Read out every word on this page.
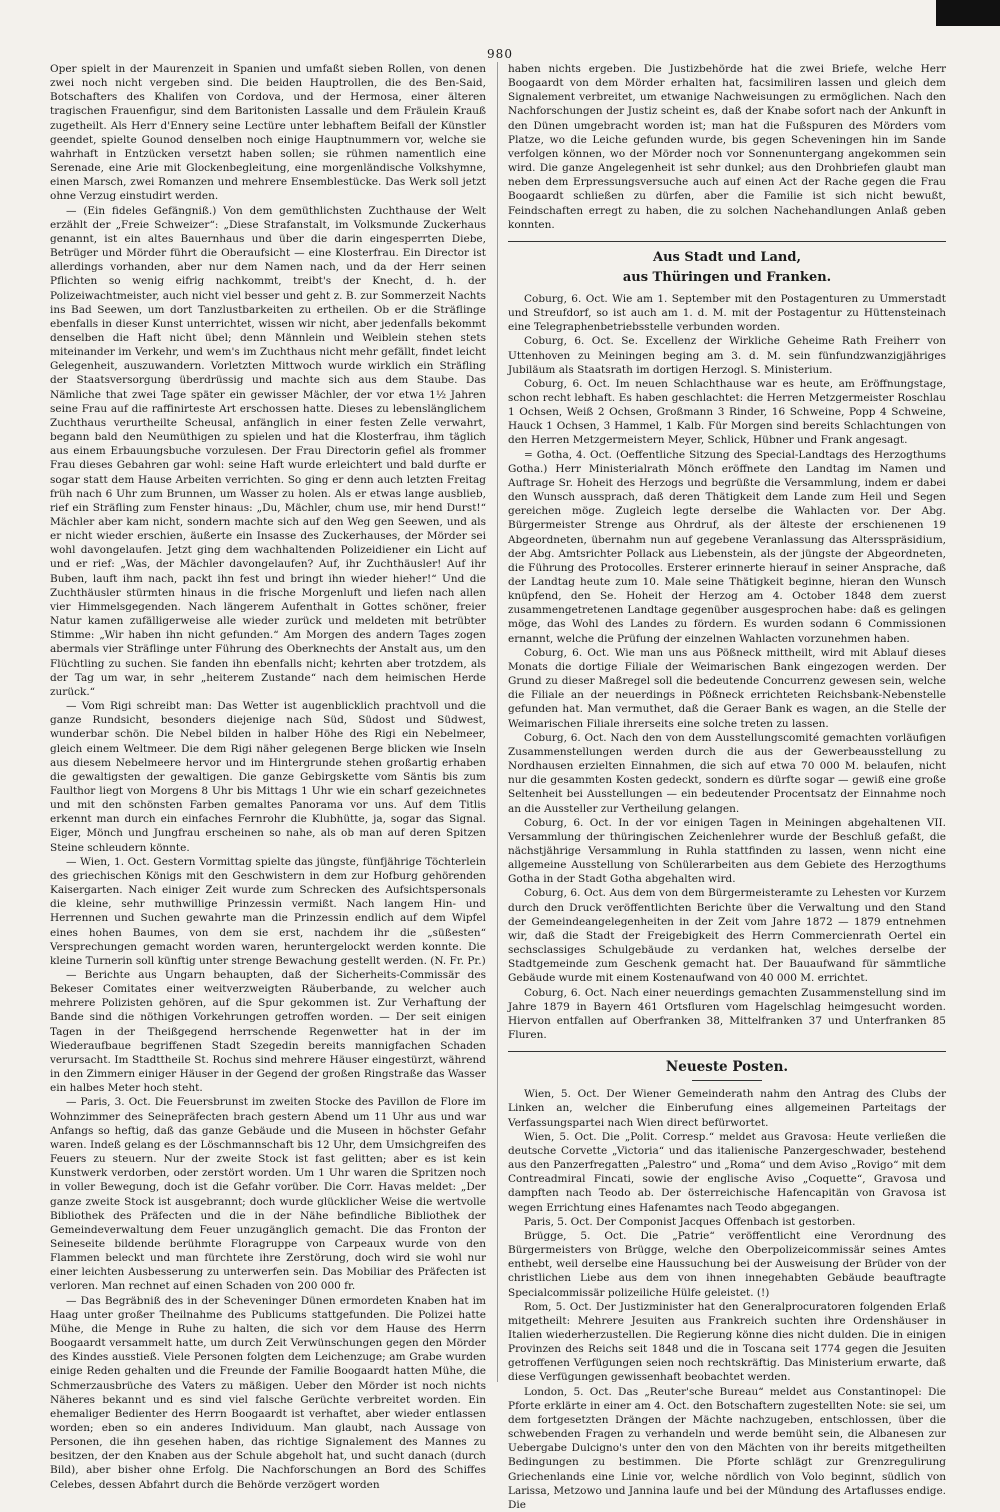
980

Oper spielt in der Maurenzeit in Spanien und umfaßt sieben Rollen, von denen zwei noch nicht vergeben sind. Die beiden Hauptrollen, die des Ben-Said, Botschafters des Khalifen von Cordova, und der Hermosa, einer älteren tragischen Frauenfigur, sind dem Baritonisten Lassalle und dem Fräulein Krauß zugetheilt. Als Herr d'Ennery seine Lectüre unter lebhaftem Beifall der Künstler geendet, spielte Gounod denselben noch einige Hauptnummern vor, welche sie wahrhaft in Entzücken versetzt haben sollen; sie rühmen namentlich eine Serenade, eine Arie mit Glockenbegleitung, eine morgenländische Volkshymne, einen Marsch, zwei Romanzen und mehrere Ensemblestücke. Das Werk soll jetzt ohne Verzug einstudirt werden.

— (Ein fideles Gefängniß.) Von dem gemüthlichsten Zuchthause der Welt erzählt der „Freie Schweizer“: „Diese Strafanstalt, im Volksmunde Zuckerhaus genannt, ist ein altes Bauernhaus und über die darin eingesperrten Diebe, Betrüger und Mörder führt die Oberaufsicht — eine Klosterfrau. Ein Director ist allerdings vorhanden, aber nur dem Namen nach, und da der Herr seinen Pflichten so wenig eifrig nachkommt, treibt's der Knecht, d. h. der Polizeiwachtmeister, auch nicht viel besser und geht z. B. zur Sommerzeit Nachts ins Bad Seewen, um dort Tanzlustbarkeiten zu ertheilen. Ob er die Sträflinge ebenfalls in dieser Kunst unterrichtet, wissen wir nicht, aber jedenfalls bekommt denselben die Haft nicht übel; denn Männlein und Weiblein stehen stets miteinander im Verkehr, und wem's im Zuchthaus nicht mehr gefällt, findet leicht Gelegenheit, auszuwandern. Vorletzten Mittwoch wurde wirklich ein Sträfling der Staatsversorgung überdrüssig und machte sich aus dem Staube. Das Nämliche that zwei Tage später ein gewisser Mächler, der vor etwa 1½ Jahren seine Frau auf die raffinirteste Art erschossen hatte. Dieses zu lebenslänglichem Zuchthaus verurtheilte Scheusal, anfänglich in einer festen Zelle verwahrt, begann bald den Neumüthigen zu spielen und hat die Klosterfrau, ihm täglich aus einem Erbauungsbuche vorzulesen. Der Frau Directorin gefiel als frommer Frau dieses Gebahren gar wohl: seine Haft wurde erleichtert und bald durfte er sogar statt dem Hause Arbeiten verrichten. So ging er denn auch letzten Freitag früh nach 6 Uhr zum Brunnen, um Wasser zu holen. Als er etwas lange ausblieb, rief ein Sträfling zum Fenster hinaus: „Du, Mächler, chum use, mir hend Durst!“ Mächler aber kam nicht, sondern machte sich auf den Weg gen Seewen, und als er nicht wieder erschien, äußerte ein Insasse des Zuckerhauses, der Mörder sei wohl davongelaufen. Jetzt ging dem wachhaltenden Polizeidiener ein Licht auf und er rief: „Was, der Mächler davongelaufen? Auf, ihr Zuchthäusler! Auf ihr Buben, lauft ihm nach, packt ihn fest und bringt ihn wieder hieher!“ Und die Zuchthäusler stürmten hinaus in die frische Morgenluft und liefen nach allen vier Himmelsgegenden. Nach längerem Aufenthalt in Gottes schöner, freier Natur kamen zufälligerweise alle wieder zurück und meldeten mit betrübter Stimme: „Wir haben ihn nicht gefunden.“ Am Morgen des andern Tages zogen abermals vier Sträflinge unter Führung des Oberknechts der Anstalt aus, um den Flüchtling zu suchen. Sie fanden ihn ebenfalls nicht; kehrten aber trotzdem, als der Tag um war, in sehr „heiterem Zustande“ nach dem heimischen Herde zurück.“

— Vom Rigi schreibt man: Das Wetter ist augenblicklich prachtvoll und die ganze Rundsicht, besonders diejenige nach Süd, Südost und Südwest, wunderbar schön. Die Nebel bilden in halber Höhe des Rigi ein Nebelmeer, gleich einem Weltmeer. Die dem Rigi näher gelegenen Berge blicken wie Inseln aus diesem Nebelmeere hervor und im Hintergrunde stehen großartig erhaben die gewaltigsten der gewaltigen. Die ganze Gebirgskette vom Säntis bis zum Faulthor liegt von Morgens 8 Uhr bis Mittags 1 Uhr wie ein scharf gezeichnetes und mit den schönsten Farben gemaltes Panorama vor uns. Auf dem Titlis erkennt man durch ein einfaches Fernrohr die Klubhütte, ja, sogar das Signal. Eiger, Mönch und Jungfrau erscheinen so nahe, als ob man auf deren Spitzen Steine schleudern könnte.

— Wien, 1. Oct. Gestern Vormittag spielte das jüngste, fünfjährige Töchterlein des griechischen Königs mit den Geschwistern in dem zur Hofburg gehörenden Kaisergarten. Nach einiger Zeit wurde zum Schrecken des Aufsichtspersonals die kleine, sehr muthwillige Prinzessin vermißt. Nach langem Hin- und Herrennen und Suchen gewahrte man die Prinzessin endlich auf dem Wipfel eines hohen Baumes, von dem sie erst, nachdem ihr die „süßesten“ Versprechungen gemacht worden waren, heruntergelockt werden konnte. Die kleine Turnerin soll künftig unter strenge Bewachung gestellt werden. (N. Fr. Pr.)

— Berichte aus Ungarn behaupten, daß der Sicherheits-Commissär des Bekeser Comitates einer weitverzweigten Räuberbande, zu welcher auch mehrere Polizisten gehören, auf die Spur gekommen ist. Zur Verhaftung der Bande sind die nöthigen Vorkehrungen getroffen worden. — Der seit einigen Tagen in der Theißgegend herrschende Regenwetter hat in der im Wiederaufbaue begriffenen Stadt Szegedin bereits mannigfachen Schaden verursacht. Im Stadttheile St. Rochus sind mehrere Häuser eingestürzt, während in den Zimmern einiger Häuser in der Gegend der großen Ringstraße das Wasser ein halbes Meter hoch steht.

— Paris, 3. Oct. Die Feuersbrunst im zweiten Stocke des Pavillon de Flore im Wohnzimmer des Seinepräfecten brach gestern Abend um 11 Uhr aus und war Anfangs so heftig, daß das ganze Gebäude und die Museen in höchster Gefahr waren. Indeß gelang es der Löschmannschaft bis 12 Uhr, dem Umsichgreifen des Feuers zu steuern. Nur der zweite Stock ist fast gelitten; aber es ist kein Kunstwerk verdorben, oder zerstört worden. Um 1 Uhr waren die Spritzen noch in voller Bewegung, doch ist die Gefahr vorüber. Die Corr. Havas meldet: „Der ganze zweite Stock ist ausgebrannt; doch wurde glücklicher Weise die wertvolle Bibliothek des Präfecten und die in der Nähe befindliche Bibliothek der Gemeindeverwaltung dem Feuer unzugänglich gemacht. Die das Fronton der Seineseite bildende berühmte Floragruppe von Carpeaux wurde von den Flammen beleckt und man fürchtete ihre Zerstörung, doch wird sie wohl nur einer leichten Ausbesserung zu unterwerfen sein. Das Mobiliar des Präfecten ist verloren. Man rechnet auf einen Schaden von 200 000 fr.

— Das Begräbniß des in der Scheveninger Dünen ermordeten Knaben hat im Haag unter großer Theilnahme des Publicums stattgefunden. Die Polizei hatte Mühe, die Menge in Ruhe zu halten, die sich vor dem Hause des Herrn Boogaardt versammelt hatte, um durch Zeit Verwünschungen gegen den Mörder des Kindes ausstieß. Viele Personen folgten dem Leichenzuge; am Grabe wurden einige Reden gehalten und die Freunde der Familie Boogaardt hatten Mühe, die Schmerzausbrüche des Vaters zu mäßigen. Ueber den Mörder ist noch nichts Näheres bekannt und es sind viel falsche Gerüchte verbreitet worden. Ein ehemaliger Bedienter des Herrn Boogaardt ist verhaftet, aber wieder entlassen worden; eben so ein anderes Individuum. Man glaubt, nach Aussage von Personen, die ihn gesehen haben, das richtige Signalement des Mannes zu besitzen, der den Knaben aus der Schule abgeholt hat, und sucht danach (durch Bild), aber bisher ohne Erfolg. Die Nachforschungen an Bord des Schiffes Celebes, dessen Abfahrt durch die Behörde verzögert worden

haben nichts ergeben. Die Justizbehörde hat die zwei Briefe, welche Herr Boogaardt von dem Mörder erhalten hat, facsimiliren lassen und gleich dem Signalement verbreitet, um etwanige Nachweisungen zu ermöglichen. Nach den Nachforschungen der Justiz scheint es, daß der Knabe sofort nach der Ankunft in den Dünen umgebracht worden ist; man hat die Fußspuren des Mörders vom Platze, wo die Leiche gefunden wurde, bis gegen Scheveningen hin im Sande verfolgen können, wo der Mörder noch vor Sonnenuntergang angekommen sein wird. Die ganze Angelegenheit ist sehr dunkel; aus den Drohbriefen glaubt man neben dem Erpressungsversuche auch auf einen Act der Rache gegen die Frau Boogaardt schließen zu dürfen, aber die Familie ist sich nicht bewußt, Feindschaften erregt zu haben, die zu solchen Nachehandlungen Anlaß geben konnten.

Aus Stadt und Land,
aus Thüringen und Franken.

Coburg, 6. Oct. Wie am 1. September mit den Postagenturen zu Ummerstadt und Streufdorf, so ist auch am 1. d. M. mit der Postagentur zu Hüttensteinach eine Telegraphenbetriebsstelle verbunden worden.

Coburg, 6. Oct. Se. Excellenz der Wirkliche Geheime Rath Freiherr von Uttenhoven zu Meiningen beging am 3. d. M. sein fünfundzwanzigjähriges Jubiläum als Staatsrath im dortigen Herzogl. S. Ministerium.

Coburg, 6. Oct. Im neuen Schlachthause war es heute, am Eröffnungstage, schon recht lebhaft. Es haben geschlachtet: die Herren Metzgermeister Roschlau 1 Ochsen, Weiß 2 Ochsen, Großmann 3 Rinder, 16 Schweine, Popp 4 Schweine, Hauck 1 Ochsen, 3 Hammel, 1 Kalb. Für Morgen sind bereits Schlachtungen von den Herren Metzgermeistern Meyer, Schlick, Hübner und Frank angesagt.

= Gotha, 4. Oct. (Oeffentliche Sitzung des Special-Landtags des Herzogthums Gotha.) Herr Ministerialrath Mönch eröffnete den Landtag im Namen und Auftrage Sr. Hoheit des Herzogs und begrüßte die Versammlung, indem er dabei den Wunsch aussprach, daß deren Thätigkeit dem Lande zum Heil und Segen gereichen möge. Zugleich legte derselbe die Wahlacten vor. Der Abg. Bürgermeister Strenge aus Ohrdruf, als der älteste der erschienenen 19 Abgeordneten, übernahm nun auf gegebene Veranlassung das Altersspräsidium, der Abg. Amtsrichter Pollack aus Liebenstein, als der jüngste der Abgeordneten, die Führung des Protocolles. Ersterer erinnerte hierauf in seiner Ansprache, daß der Landtag heute zum 10. Male seine Thätigkeit beginne, hieran den Wunsch knüpfend, den Se. Hoheit der Herzog am 4. October 1848 dem zuerst zusammengetretenen Landtage gegenüber ausgesprochen habe: daß es gelingen möge, das Wohl des Landes zu fördern. Es wurden sodann 6 Commissionen ernannt, welche die Prüfung der einzelnen Wahlacten vorzunehmen haben.

Coburg, 6. Oct. Wie man uns aus Pößneck mittheilt, wird mit Ablauf dieses Monats die dortige Filiale der Weimarischen Bank eingezogen werden. Der Grund zu dieser Maßregel soll die bedeutende Concurrenz gewesen sein, welche die Filiale an der neuerdings in Pößneck errichteten Reichsbank-Nebenstelle gefunden hat. Man vermuthet, daß die Geraer Bank es wagen, an die Stelle der Weimarischen Filiale ihrerseits eine solche treten zu lassen.

Coburg, 6. Oct. Nach den von dem Ausstellungscomité gemachten vorläufigen Zusammenstellungen werden durch die aus der Gewerbeausstellung zu Nordhausen erzielten Einnahmen, die sich auf etwa 70 000 M. belaufen, nicht nur die gesammten Kosten gedeckt, sondern es dürfte sogar — gewiß eine große Seltenheit bei Ausstellungen — ein bedeutender Procentsatz der Einnahme noch an die Aussteller zur Vertheilung gelangen.

Coburg, 6. Oct. In der vor einigen Tagen in Meiningen abgehaltenen VII. Versammlung der thüringischen Zeichenlehrer wurde der Beschluß gefaßt, die nächstjährige Versammlung in Ruhla stattfinden zu lassen, wenn nicht eine allgemeine Ausstellung von Schülerarbeiten aus dem Gebiete des Herzogthums Gotha in der Stadt Gotha abgehalten wird.

Coburg, 6. Oct. Aus dem von dem Bürgermeisteramte zu Lehesten vor Kurzem durch den Druck veröffentlichten Berichte über die Verwaltung und den Stand der Gemeindeangelegenheiten in der Zeit vom Jahre 1872 — 1879 entnehmen wir, daß die Stadt der Freigebigkeit des Herrn Commercienrath Oertel ein sechsclassiges Schulgebäude zu verdanken hat, welches derselbe der Stadtgemeinde zum Geschenk gemacht hat. Der Bauaufwand für sämmtliche Gebäude wurde mit einem Kostenaufwand von 40 000 M. errichtet.

Coburg, 6. Oct. Nach einer neuerdings gemachten Zusammenstellung sind im Jahre 1879 in Bayern 461 Ortsfluren vom Hagelschlag heimgesucht worden. Hiervon entfallen auf Oberfranken 38, Mittelfranken 37 und Unterfranken 85 Fluren.

Neueste Posten.

Wien, 5. Oct. Der Wiener Gemeinderath nahm den Antrag des Clubs der Linken an, welcher die Einberufung eines allgemeinen Parteitags der Verfassungspartei nach Wien direct befürwortet.

Wien, 5. Oct. Die „Polit. Corresp.“ meldet aus Gravosa: Heute verließen die deutsche Corvette „Victoria“ und das italienische Panzergeschwader, bestehend aus den Panzerfregatten „Palestro“ und „Roma“ und dem Aviso „Rovigo“ mit dem Contreadmiral Fincati, sowie der englische Aviso „Coquette“, Gravosa und dampften nach Teodo ab. Der österreichische Hafencapitän von Gravosa ist wegen Errichtung eines Hafenamtes nach Teodo abgegangen.

Paris, 5. Oct. Der Componist Jacques Offenbach ist gestorben.

Brügge, 5. Oct. Die „Patrie“ veröffentlicht eine Verordnung des Bürgermeisters von Brügge, welche den Oberpolizeicommissär seines Amtes enthebt, weil derselbe eine Haussuchung bei der Ausweisung der Brüder von der christlichen Liebe aus dem von ihnen innegehabten Gebäude beauftragte Specialcommissär polizeiliche Hülfe geleistet. (!)

Rom, 5. Oct. Der Justizminister hat den Generalprocuratoren folgenden Erlaß mitgetheilt: Mehrere Jesuiten aus Frankreich suchten ihre Ordenshäuser in Italien wiederherzustellen. Die Regierung könne dies nicht dulden. Die in einigen Provinzen des Reichs seit 1848 und die in Toscana seit 1774 gegen die Jesuiten getroffenen Verfügungen seien noch rechtskräftig. Das Ministerium erwarte, daß diese Verfügungen gewissenhaft beobachtet werden.

London, 5. Oct. Das „Reuter'sche Bureau“ meldet aus Constantinopel: Die Pforte erklärte in einer am 4. Oct. den Botschaftern zugestellten Note: sie sei, um dem fortgesetzten Drängen der Mächte nachzugeben, entschlossen, über die schwebenden Fragen zu verhandeln und werde bemüht sein, die Albanesen zur Uebergabe Dulcigno's unter den von den Mächten von ihr bereits mitgetheilten Bedingungen zu bestimmen. Die Pforte schlägt zur Grenzregulirung Griechenlands eine Linie vor, welche nördlich von Volo beginnt, südlich von Larissa, Metzowo und Jannina laufe und bei der Mündung des Artaflusses endige. Die
